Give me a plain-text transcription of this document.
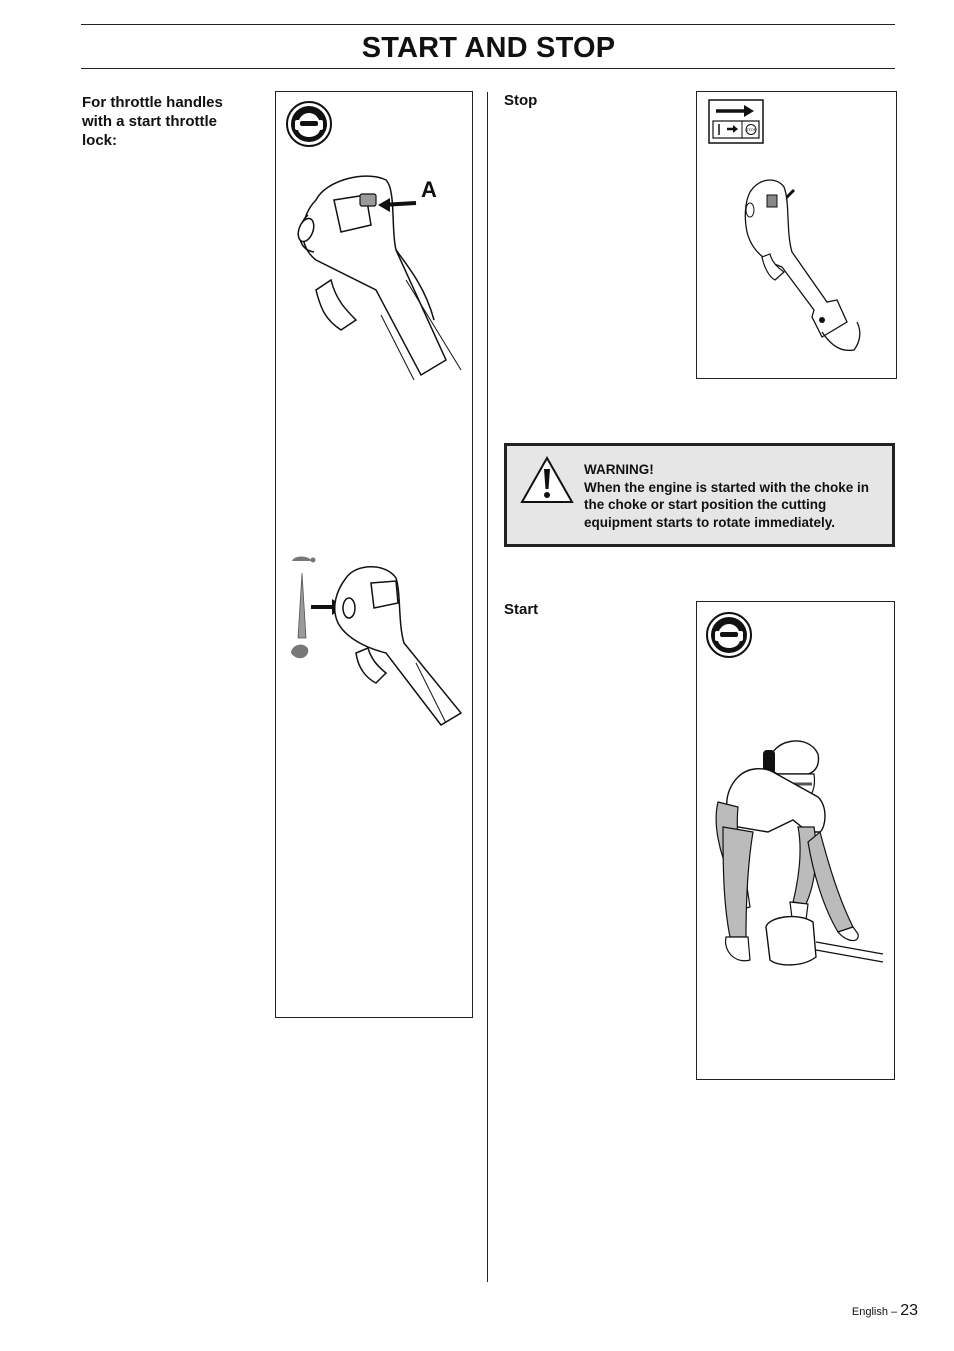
START AND STOP
For throttle handles with a start throttle lock:
A
Stop
STOP
WARNING!
When the engine is started with the choke in the choke or start position the cutting equipment starts to rotate immediately.
Start
English – 23
